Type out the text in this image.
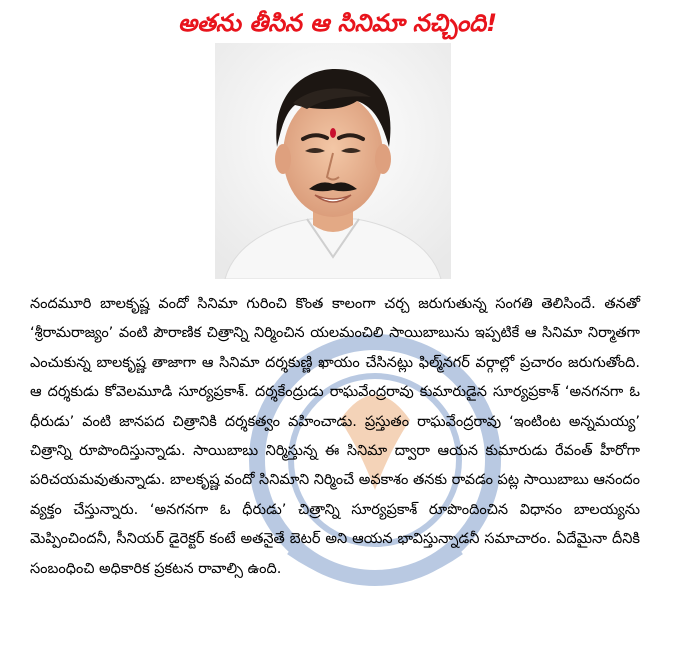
అతను తీసిన ఆ సినిమా నచ్చింది!

నందమూరి బాలకృష్ణ వందో సినిమా గురించి కొంత కాలంగా చర్చ జరుగుతున్న సంగతి తెలిసిందే. తనతో ‘శ్రీరామరాజ్యం’ వంటి పౌరాణిక చిత్రాన్ని నిర్మించిన యలమంచిలి సాయిబాబును ఇప్పటికే ఆ సినిమా నిర్మాతగా ఎంచుకున్న బాలకృష్ణ తాజాగా ఆ సినిమా దర్శకుణ్ణి ఖాయం చేసినట్లు ఫిల్మ్‌నగర్ వర్గాల్లో ప్రచారం జరుగుతోంది. ఆ దర్శకుడు కోవెలమూడి సూర్యప్రకాశ్. దర్శకేంద్రుడు రాఘవేంద్రరావు కుమారుడైన సూర్యప్రకాశ్ ‘అనగనగా ఓ ధీరుడు’ వంటి జానపద చిత్రానికి దర్శకత్వం వహించాడు. ప్రస్తుతం రాఘవేంద్రరావు ‘ఇంటింట అన్నమయ్య’ చిత్రాన్ని రూపొందిస్తున్నాడు. సాయిబాబు నిర్మిస్తున్న ఈ సినిమా ద్వారా ఆయన కుమారుడు రేవంత్ హీరోగా పరిచయమవుతున్నాడు. బాలకృష్ణ వందో సినిమాని నిర్మించే అవకాశం తనకు రావడం పట్ల సాయిబాబు ఆనందం వ్యక్తం చేస్తున్నారు. ‘అనగనగా ఓ ధీరుడు’ చిత్రాన్ని సూర్యప్రకాశ్ రూపొందించిన విధానం బాలయ్యను మెప్పించిందనీ, సీనియర్ డైరెక్టర్ కంటే అతనైతే బెటర్ అని ఆయన భావిస్తున్నాడనీ సమాచారం. ఏదేమైనా దీనికి సంబంధించి అధికారిక ప్రకటన రావాల్సి ఉంది.
